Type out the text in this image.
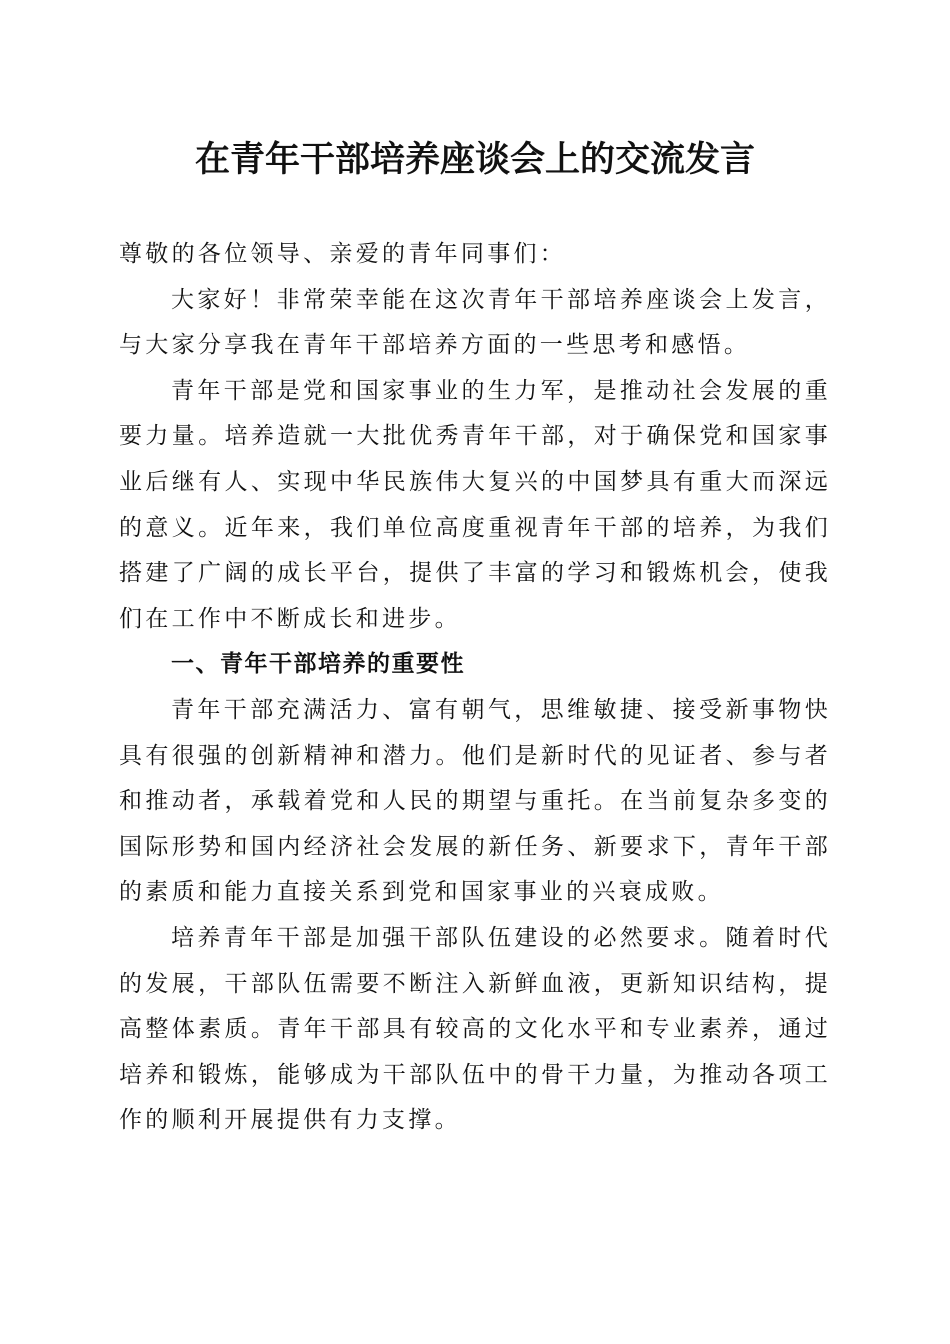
在青年干部培养座谈会上的交流发言

尊敬的各位领导、亲爱的青年同事们：

大家好！非常荣幸能在这次青年干部培养座谈会上发言，与大家分享我在青年干部培养方面的一些思考和感悟。

青年干部是党和国家事业的生力军，是推动社会发展的重要力量。培养造就一大批优秀青年干部，对于确保党和国家事业后继有人、实现中华民族伟大复兴的中国梦具有重大而深远的意义。近年来，我们单位高度重视青年干部的培养，为我们搭建了广阔的成长平台，提供了丰富的学习和锻炼机会，使我们在工作中不断成长和进步。

一、青年干部培养的重要性

青年干部充满活力、富有朝气，思维敏捷、接受新事物快具有很强的创新精神和潜力。他们是新时代的见证者、参与者和推动者，承载着党和人民的期望与重托。在当前复杂多变的国际形势和国内经济社会发展的新任务、新要求下，青年干部的素质和能力直接关系到党和国家事业的兴衰成败。

培养青年干部是加强干部队伍建设的必然要求。随着时代的发展，干部队伍需要不断注入新鲜血液，更新知识结构，提高整体素质。青年干部具有较高的文化水平和专业素养，通过培养和锻炼，能够成为干部队伍中的骨干力量，为推动各项工作的顺利开展提供有力支撑。
